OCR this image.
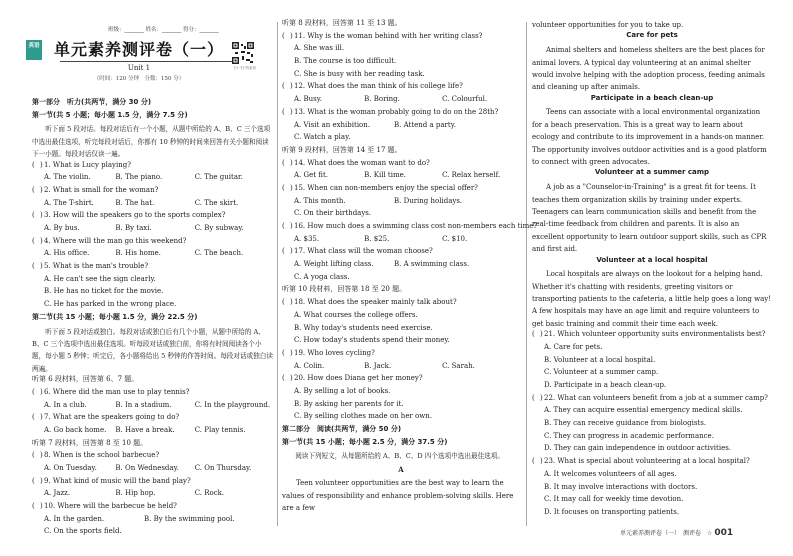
班级：_______ 姓名：_______ 得分：_______
英语 单元素养测评卷（一）
Unit 1
（时间：120 分钟　分数：150 分）
扫一扫 听录音
第一部分　听力(共两节，满分 30 分)
第一节(共 5 小题；每小题 1.5 分，满分 7.5 分)
听下面 5 段对话。每段对话后有一个小题，从题中所给的 A、B、C 三个选项中选出最佳选项，听完每段对话后，你都有 10 秒钟的时间来回答有关小题和阅读下一小题。每段对话仅读一遍。
( ) 1. What is Lucy playing?
A. The violin.	B. The piano.	C. The guitar.
( ) 2. What is small for the woman?
A. The T-shirt.	B. The hat.	C. The skirt.
( ) 3. How will the speakers go to the sports complex?
A. By bus.	B. By taxi.	C. By subway.
( ) 4. Where will the man go this weekend?
A. His office.	B. His home.	C. The beach.
( ) 5. What is the man's trouble?
A. He can't see the sign clearly.
B. He has no ticket for the movie.
C. He has parked in the wrong place.
第二节(共 15 小题；每小题 1.5 分，满分 22.5 分)
听下面 5 段对话或独白。每段对话或独白后有几个小题，从题中所给的 A、B、C 三个选项中选出最佳选项。听每段对话或独白前，你将有时间阅读各个小题，每小题 5 秒钟；听完后，各小题将给出 5 秒钟的作答时间。每段对话或独白读两遍。
听第 6 段材料，回答第 6、7 题。
( ) 6. Where did the man use to play tennis?
A. In a club.	B. In a stadium.	C. In the playground.
( ) 7. What are the speakers going to do?
A. Go back home.	B. Have a break.	C. Play tennis.
听第 7 段材料，回答第 8 至 10 题。
( ) 8. When is the school barbecue?
A. On Tuesday.	B. On Wednesday.	C. On Thursday.
( ) 9. What kind of music will the band play?
A. Jazz.	B. Hip hop.	C. Rock.
( ) 10. Where will the barbecue be held?
A. In the garden.	B. By the swimming pool.
C. On the sports field.
听第 8 段材料，回答第 11 至 13 题。
( ) 11. Why is the woman behind with her writing class?
A. She was ill.
B. The course is too difficult.
C. She is busy with her reading task.
( ) 12. What does the man think of his college life?
A. Busy.	B. Boring.	C. Colourful.
( ) 13. What is the woman probably going to do on the 28th?
A. Visit an exhibition.	B. Attend a party.
C. Watch a play.
听第 9 段材料，回答第 14 至 17 题。
( ) 14. What does the woman want to do?
A. Get fit.	B. Kill time.	C. Relax herself.
( ) 15. When can non-members enjoy the special offer?
A. This month.	B. During holidays.
C. On their birthdays.
( ) 16. How much does a swimming class cost non-members each time?
A. $35.	B. $25.	C. $10.
( ) 17. What class will the woman choose?
A. Weight lifting class.	B. A swimming class.
C. A yoga class.
听第 10 段材料，回答第 18 至 20 题。
( ) 18. What does the speaker mainly talk about?
A. What courses the college offers.
B. Why today's students need exercise.
C. How today's students spend their money.
( ) 19. Who loves cycling?
A. Colin.	B. Jack.	C. Sarah.
( ) 20. How does Diana get her money?
A. By selling a lot of books.
B. By asking her parents for it.
C. By selling clothes made on her own.
第二部分　阅读(共两节，满分 50 分)
第一节(共 15 小题；每小题 2.5 分，满分 37.5 分)
阅读下列短文，从每题所给的 A、B、C、D 四个选项中选出最佳选项。
A
Teen volunteer opportunities are the best way to learn the values of responsibility and enhance problem-solving skills. Here are a few
volunteer opportunities for you to take up.
Care for pets
Animal shelters and homeless shelters are the best places for animal lovers. A typical day volunteering at an animal shelter would involve helping with the adoption process, feeding animals and cleaning up after animals.
Participate in a beach clean-up
Teens can associate with a local environmental organization for a beach preservation. This is a great way to learn about ecology and contribute to its improvement in a hands-on manner. The opportunity involves outdoor activities and is a good platform to connect with green advocates.
Volunteer at a summer camp
A job as a "Counselor-in-Training" is a great fit for teens. It teaches them organization skills by training under experts. Teenagers can learn communication skills and benefit from the real-time feedback from children and parents. It is also an excellent opportunity to learn outdoor support skills, such as CPR and first aid.
Volunteer at a local hospital
Local hospitals are always on the lookout for a helping hand. Whether it's chatting with residents, greeting visitors or transporting patients to the cafeteria, a little help goes a long way! A few hospitals may have an age limit and require volunteers to get basic training and commit their time each week.
( ) 21. Which volunteer opportunity suits environmentalists best?
A. Care for pets.
B. Volunteer at a local hospital.
C. Volunteer at a summer camp.
D. Participate in a beach clean-up.
( ) 22. What can volunteers benefit from a job at a summer camp?
A. They can acquire essential emergency medical skills.
B. They can receive guidance from biologists.
C. They can progress in academic performance.
D. They can gain independence in outdoor activities.
( ) 23. What is special about volunteering at a local hospital?
A. It welcomes volunteers of all ages.
B. It may involve interactions with doctors.
C. It may call for weekly time devotion.
D. It focuses on transporting patients.
单元素养测评卷（一）　测评卷　☆ 001
